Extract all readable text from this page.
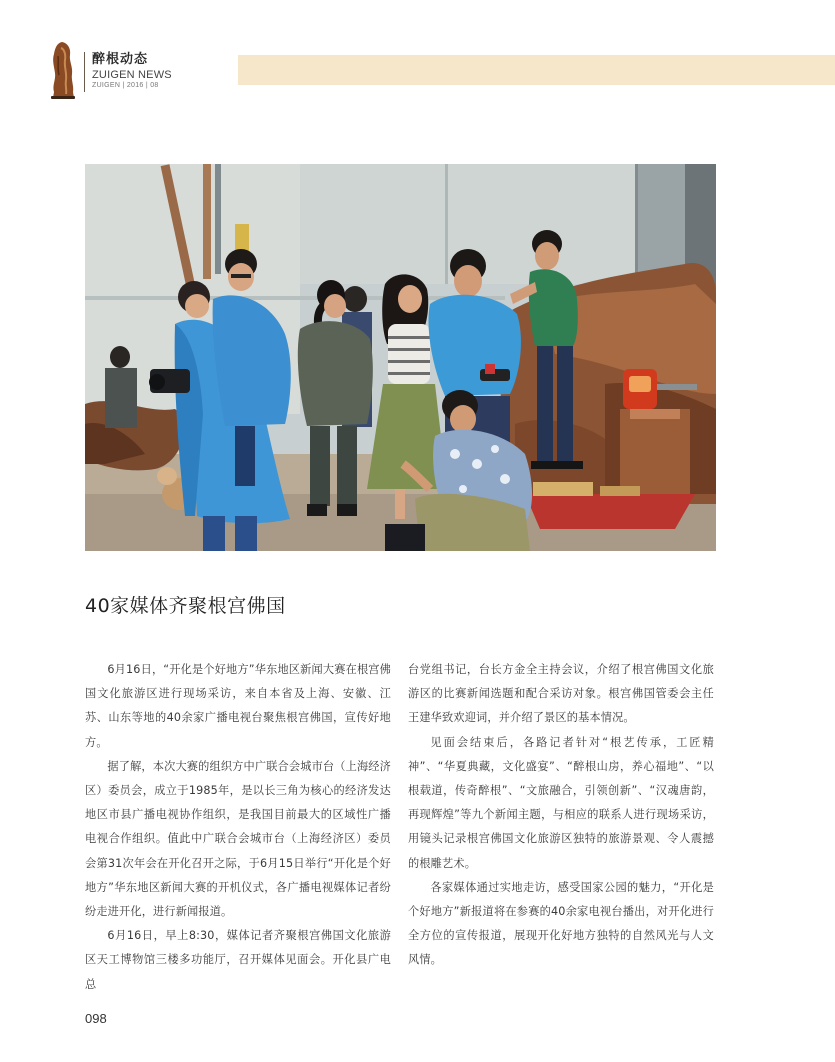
醉根动态
ZUIGEN NEWS
ZUIGEN | 2016 | 08
40家媒体齐聚根宫佛国

6月16日，“开化是个好地方”华东地区新闻大赛在根宫佛国文化旅游区进行现场采访，来自本省及上海、安徽、江苏、山东等地的40余家广播电视台聚焦根宫佛国，宣传好地方。

据了解，本次大赛的组织方中广联合会城市台（上海经济区）委员会，成立于1985年，是以长三角为核心的经济发达地区市县广播电视协作组织，是我国目前最大的区域性广播电视合作组织。值此中广联合会城市台（上海经济区）委员会第31次年会在开化召开之际，于6月15日举行“开化是个好地方”华东地区新闻大赛的开机仪式，各广播电视媒体记者纷纷走进开化，进行新闻报道。

6月16日，早上8:30，媒体记者齐聚根宫佛国文化旅游区天工博物馆三楼多功能厅，召开媒体见面会。开化县广电总

台党组书记，台长方金全主持会议，介绍了根宫佛国文化旅游区的比赛新闻选题和配合采访对象。根宫佛国管委会主任王建华致欢迎词，并介绍了景区的基本情况。

见面会结束后，各路记者针对“根艺传承，工匠精神”、“华夏典藏，文化盛宴”、“醉根山房，养心福地”、“以根载道，传奇醉根”、“文旅融合，引领创新”、“汉魂唐韵，再现辉煌”等九个新闻主题，与相应的联系人进行现场采访，用镜头记录根宫佛国文化旅游区独特的旅游景观、令人震撼的根雕艺术。

各家媒体通过实地走访，感受国家公园的魅力，“开化是个好地方”新报道将在参赛的40余家电视台播出，对开化进行全方位的宣传报道，展现开化好地方独特的自然风光与人文风情。

098
